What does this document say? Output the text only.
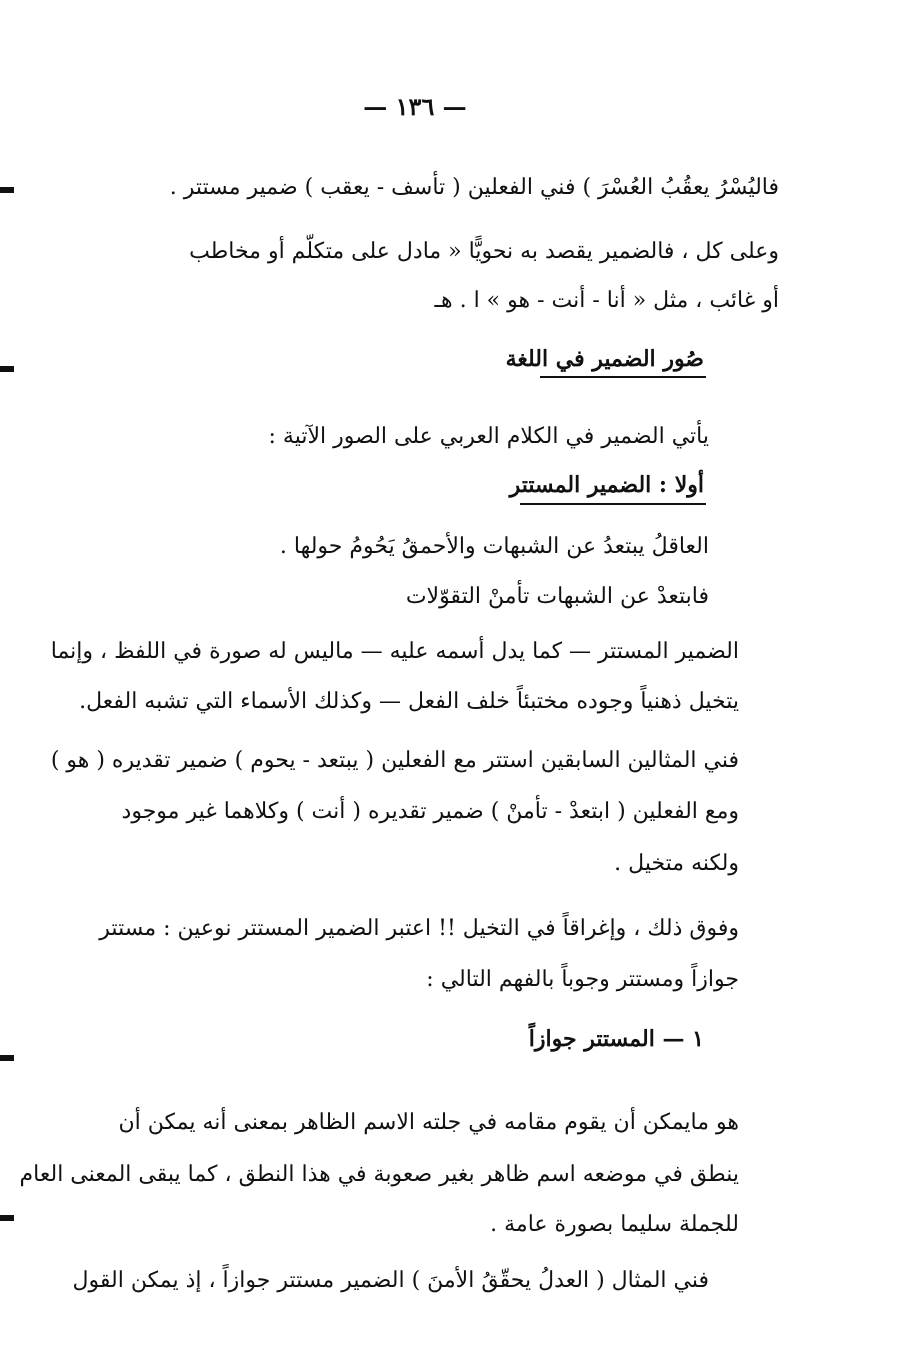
— ١٣٦ —
فاليُسْرُ يعقُبُ العُسْرَ ) فني الفعلين ( تأسف - يعقب ) ضمير مستتر .
وعلى كل ، فالضمير يقصد به نحويًّا « مادل على متكلّم أو مخاطب
أو غائب ، مثل « أنا - أنت - هو » ا . هـ
صُور الضمير في اللغة
يأتي الضمير في الكلام العربي على الصور الآتية :
أولا : الضمير المستتر
العاقلُ يبتعدُ عن الشبهات والأحمقُ يَحُومُ حولها .
فابتعدْ عن الشبهات تأمنْ التقوّلات
الضمير المستتر — كما يدل أسمه عليه — ماليس له صورة في اللفظ ، وإنما
يتخيل ذهنياً وجوده مختبئاً خلف الفعل — وكذلك الأسماء التي تشبه الفعل.
فني المثالين السابقين استتر مع الفعلين ( يبتعد - يحوم ) ضمير تقديره ( هو )
ومع الفعلين ( ابتعدْ - تأمنْ ) ضمير تقديره ( أنت ) وكلاهما غير موجود
ولكنه متخيل .
وفوق ذلك ، وإغراقاً في التخيل !! اعتبر الضمير المستتر نوعين : مستتر
جوازاً ومستتر وجوباً بالفهم التالي :
١ — المستتر جوازاً
هو مايمكن أن يقوم مقامه في جلته الاسم الظاهر بمعنى أنه يمكن أن
ينطق في موضعه اسم ظاهر بغير صعوبة في هذا النطق ، كما يبقى المعنى العام
للجملة سليما بصورة عامة .
فني المثال ( العدلُ يحقّقُ الأمنَ ) الضمير مستتر جوازاً ، إذ يمكن القول
